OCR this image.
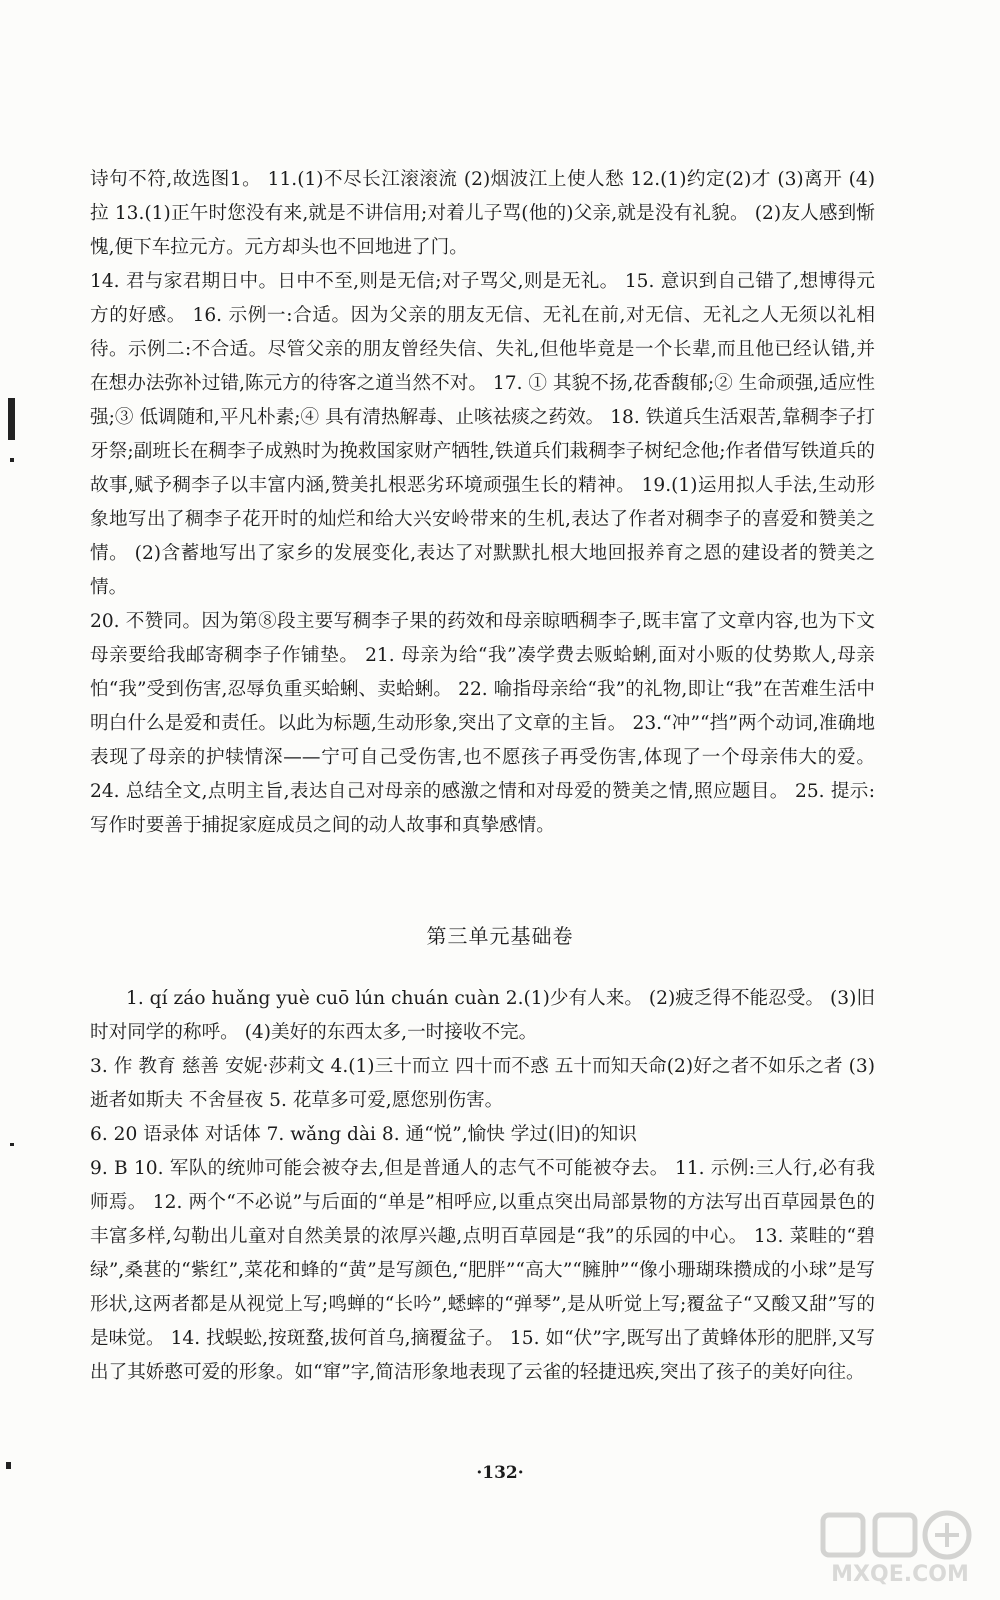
诗句不符,故选图1。 11.(1)不尽长江滚滚流 (2)烟波江上使人愁 12.(1)约定(2)才 (3)离开 (4)拉 13.(1)正午时您没有来,就是不讲信用;对着儿子骂(他的)父亲,就是没有礼貌。 (2)友人感到惭愧,便下车拉元方。元方却头也不回地进了门。

14. 君与家君期日中。日中不至,则是无信;对子骂父,则是无礼。 15. 意识到自己错了,想博得元方的好感。 16. 示例一:合适。因为父亲的朋友无信、无礼在前,对无信、无礼之人无须以礼相待。示例二:不合适。尽管父亲的朋友曾经失信、失礼,但他毕竟是一个长辈,而且他已经认错,并在想办法弥补过错,陈元方的待客之道当然不对。 17. ① 其貌不扬,花香馥郁;② 生命顽强,适应性强;③ 低调随和,平凡朴素;④ 具有清热解毒、止咳祛痰之药效。 18. 铁道兵生活艰苦,靠稠李子打牙祭;副班长在稠李子成熟时为挽救国家财产牺牲,铁道兵们栽稠李子树纪念他;作者借写铁道兵的故事,赋予稠李子以丰富内涵,赞美扎根恶劣环境顽强生长的精神。 19.(1)运用拟人手法,生动形象地写出了稠李子花开时的灿烂和给大兴安岭带来的生机,表达了作者对稠李子的喜爱和赞美之情。 (2)含蓄地写出了家乡的发展变化,表达了对默默扎根大地回报养育之恩的建设者的赞美之情。

20. 不赞同。因为第⑧段主要写稠李子果的药效和母亲晾晒稠李子,既丰富了文章内容,也为下文母亲要给我邮寄稠李子作铺垫。 21. 母亲为给“我”凑学费去贩蛤蜊,面对小贩的仗势欺人,母亲怕“我”受到伤害,忍辱负重买蛤蜊、卖蛤蜊。 22. 喻指母亲给“我”的礼物,即让“我”在苦难生活中明白什么是爱和责任。以此为标题,生动形象,突出了文章的主旨。 23.“冲”“挡”两个动词,准确地表现了母亲的护犊情深——宁可自己受伤害,也不愿孩子再受伤害,体现了一个母亲伟大的爱。 24. 总结全文,点明主旨,表达自己对母亲的感激之情和对母爱的赞美之情,照应题目。 25. 提示:写作时要善于捕捉家庭成员之间的动人故事和真挚感情。

第三单元基础卷

1. qí záo huǎng yuè cuō lún chuán cuàn 2.(1)少有人来。 (2)疲乏得不能忍受。 (3)旧时对同学的称呼。 (4)美好的东西太多,一时接收不完。

3. 作 教育 慈善 安妮·莎莉文 4.(1)三十而立 四十而不惑 五十而知天命(2)好之者不如乐之者 (3)逝者如斯夫 不舍昼夜 5. 花草多可爱,愿您别伤害。

6. 20 语录体 对话体 7. wǎng dài 8. 通“悦”,愉快 学过(旧)的知识

9. B 10. 军队的统帅可能会被夺去,但是普通人的志气不可能被夺去。 11. 示例:三人行,必有我师焉。 12. 两个“不必说”与后面的“单是”相呼应,以重点突出局部景物的方法写出百草园景色的丰富多样,勾勒出儿童对自然美景的浓厚兴趣,点明百草园是“我”的乐园的中心。 13. 菜畦的“碧绿”,桑葚的“紫红”,菜花和蜂的“黄”是写颜色,“肥胖”“高大”“臃肿”“像小珊瑚珠攒成的小球”是写形状,这两者都是从视觉上写;鸣蝉的“长吟”,蟋蟀的“弹琴”,是从听觉上写;覆盆子“又酸又甜”写的是味觉。 14. 找蜈蚣,按斑蝥,拔何首乌,摘覆盆子。 15. 如“伏”字,既写出了黄蜂体形的肥胖,又写出了其娇憨可爱的形象。如“窜”字,简洁形象地表现了云雀的轻捷迅疾,突出了孩子的美好向往。

·132·
MXQE.COM
